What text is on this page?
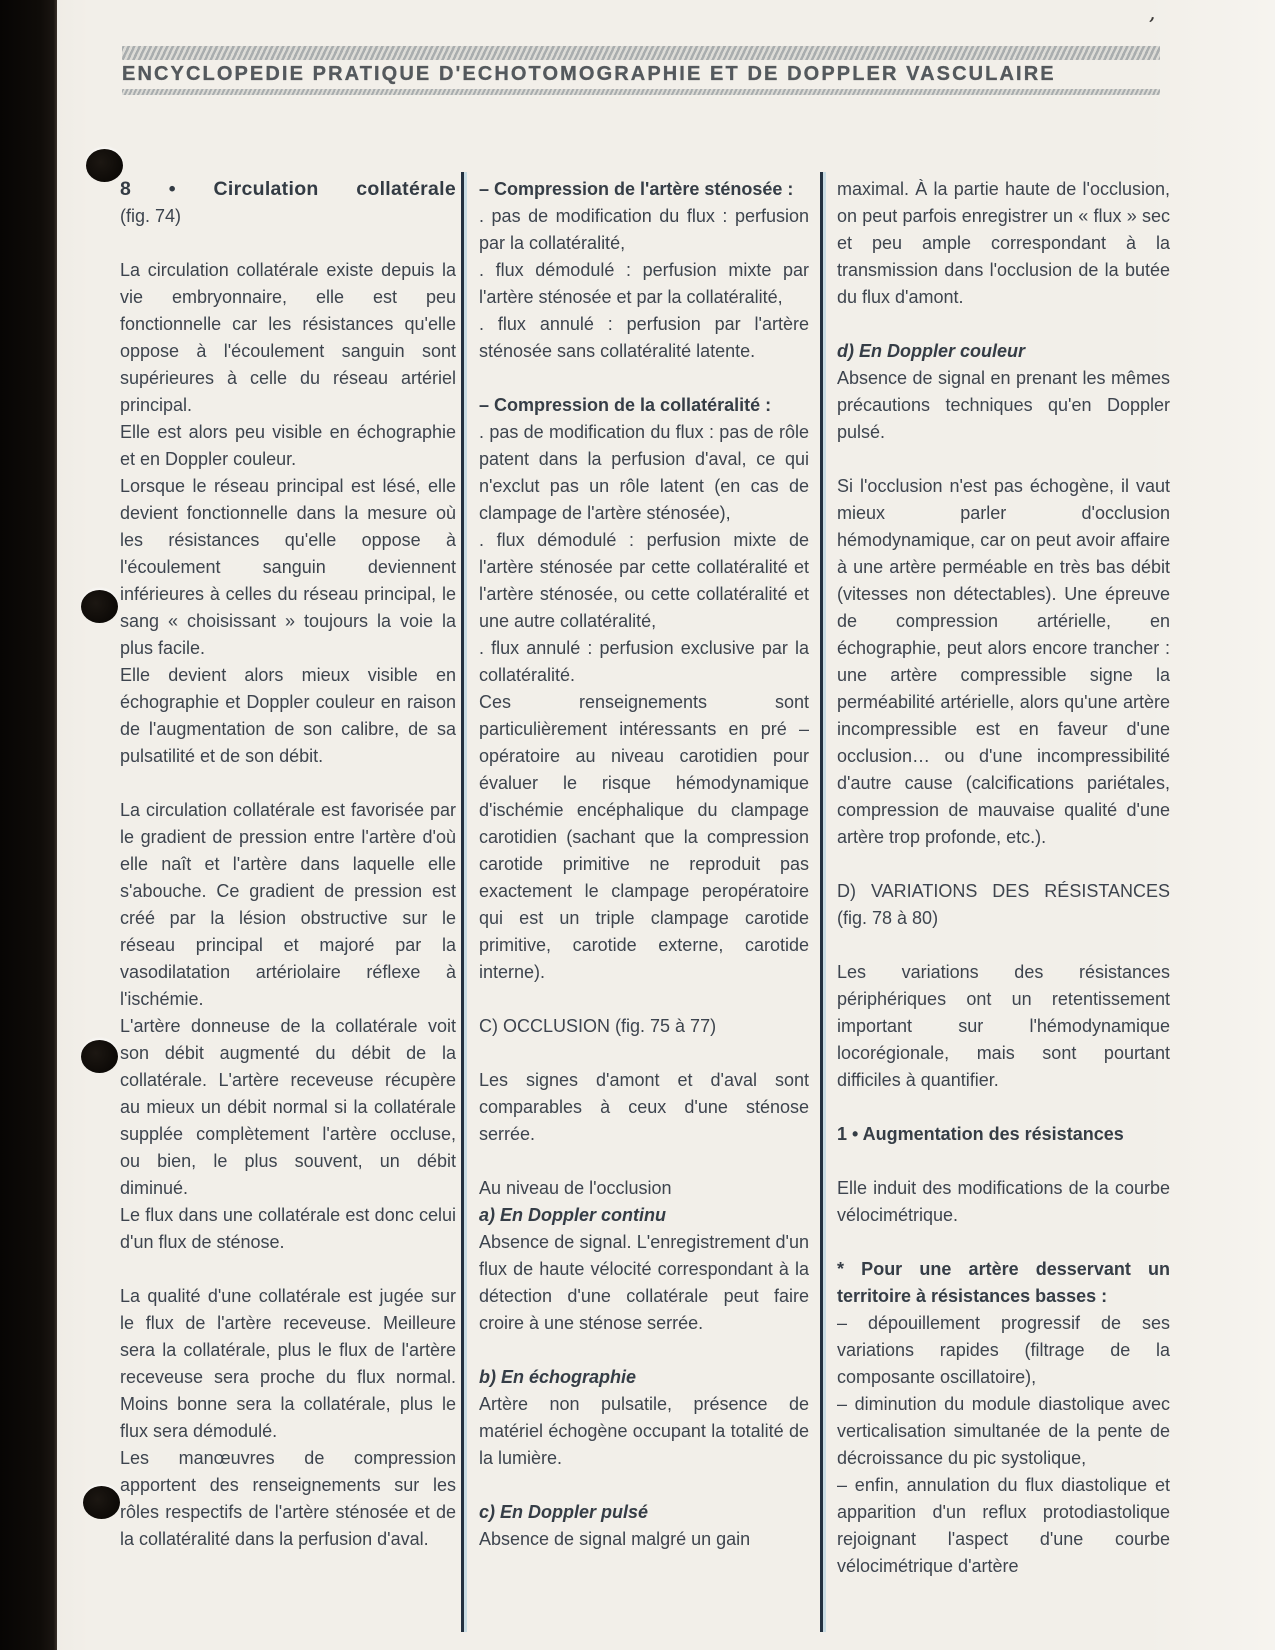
ʼ
ENCYCLOPEDIE PRATIQUE D'ECHOTOMOGRAPHIE ET DE DOPPLER VASCULAIRE
8 • Circulation collatérale
(fig. 74)
La circulation collatérale existe depuis la vie embryonnaire, elle est peu fonctionnelle car les résistances qu'elle oppose à l'écoulement sanguin sont supérieures à celle du réseau artériel principal.
Elle est alors peu visible en échographie et en Doppler couleur.
Lorsque le réseau principal est lésé, elle devient fonctionnelle dans la mesure où les résistances qu'elle oppose à l'écoulement sanguin deviennent inférieures à celles du réseau principal, le sang « choisissant » toujours la voie la plus facile.
Elle devient alors mieux visible en échographie et Doppler couleur en raison de l'augmentation de son calibre, de sa pulsatilité et de son débit.
La circulation collatérale est favorisée par le gradient de pression entre l'artère d'où elle naît et l'artère dans laquelle elle s'abouche. Ce gradient de pression est créé par la lésion obstructive sur le réseau principal et majoré par la vasodilatation artériolaire réflexe à l'ischémie.
L'artère donneuse de la collatérale voit son débit augmenté du débit de la collatérale. L'artère receveuse récupère au mieux un débit normal si la collatérale supplée complètement l'artère occluse, ou bien, le plus souvent, un débit diminué.
Le flux dans une collatérale est donc celui d'un flux de sténose.
La qualité d'une collatérale est jugée sur le flux de l'artère receveuse. Meilleure sera la collatérale, plus le flux de l'artère receveuse sera proche du flux normal. Moins bonne sera la collatérale, plus le flux sera démodulé.
Les manœuvres de compression apportent des renseignements sur les rôles respectifs de l'artère sténosée et de la collatéralité dans la perfusion d'aval.
– Compression de l'artère sténosée :
. pas de modification du flux : perfusion par la collatéralité,
. flux démodulé : perfusion mixte par l'artère sténosée et par la collatéralité,
. flux annulé : perfusion par l'artère sténosée sans collatéralité latente.
– Compression de la collatéralité :
. pas de modification du flux : pas de rôle patent dans la perfusion d'aval, ce qui n'exclut pas un rôle latent (en cas de clampage de l'artère sténosée),
. flux démodulé : perfusion mixte de l'artère sténosée par cette collatéralité et l'artère sténosée, ou cette collatéralité et une autre collatéralité,
. flux annulé : perfusion exclusive par la collatéralité.
Ces renseignements sont particulièrement intéressants en pré – opératoire au niveau carotidien pour évaluer le risque hémodynamique d'ischémie encéphalique du clampage carotidien (sachant que la compression carotide primitive ne reproduit pas exactement le clampage peropératoire qui est un triple clampage carotide primitive, carotide externe, carotide interne).
C) OCCLUSION (fig. 75 à 77)
Les signes d'amont et d'aval sont comparables à ceux d'une sténose serrée.
Au niveau de l'occlusion
a) En Doppler continu
Absence de signal. L'enregistrement d'un flux de haute vélocité correspondant à la détection d'une collatérale peut faire croire à une sténose serrée.
b) En échographie
Artère non pulsatile, présence de matériel échogène occupant la totalité de la lumière.
c) En Doppler pulsé
Absence de signal malgré un gain
maximal. À la partie haute de l'occlusion, on peut parfois enregistrer un « flux » sec et peu ample correspondant à la transmission dans l'occlusion de la butée du flux d'amont.
d) En Doppler couleur
Absence de signal en prenant les mêmes précautions techniques qu'en Doppler pulsé.
Si l'occlusion n'est pas échogène, il vaut mieux parler d'occlusion hémodynamique, car on peut avoir affaire à une artère perméable en très bas débit (vitesses non détectables). Une épreuve de compression artérielle, en échographie, peut alors encore trancher : une artère compressible signe la perméabilité artérielle, alors qu'une artère incompressible est en faveur d'une occlusion… ou d'une incompressibilité d'autre cause (calcifications pariétales, compression de mauvaise qualité d'une artère trop profonde, etc.).
D) VARIATIONS DES RÉSISTANCES (fig. 78 à 80)
Les variations des résistances périphériques ont un retentissement important sur l'hémodynamique locorégionale, mais sont pourtant difficiles à quantifier.
1 • Augmentation des résistances
Elle induit des modifications de la courbe vélocimétrique.
* Pour une artère desservant un territoire à résistances basses :
– dépouillement progressif de ses variations rapides (filtrage de la composante oscillatoire),
– diminution du module diastolique avec verticalisation simultanée de la pente de décroissance du pic systolique,
– enfin, annulation du flux diastolique et apparition d'un reflux protodiastolique rejoignant l'aspect d'une courbe vélocimétrique d'artère
